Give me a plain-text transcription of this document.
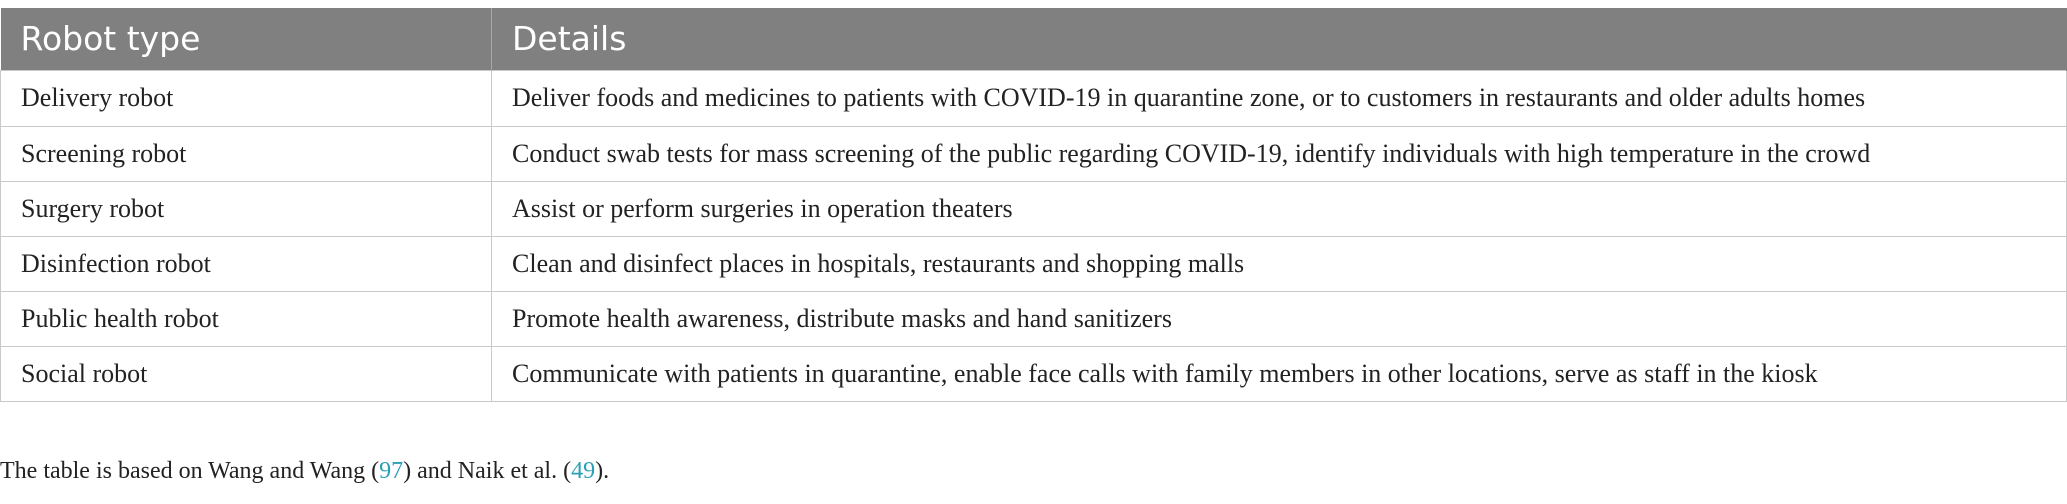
Robot type	Details
Delivery robot	Deliver foods and medicines to patients with COVID-19 in quarantine zone, or to customers in restaurants and older adults homes
Screening robot	Conduct swab tests for mass screening of the public regarding COVID-19, identify individuals with high temperature in the crowd
Surgery robot	Assist or perform surgeries in operation theaters
Disinfection robot	Clean and disinfect places in hospitals, restaurants and shopping malls
Public health robot	Promote health awareness, distribute masks and hand sanitizers
Social robot	Communicate with patients in quarantine, enable face calls with family members in other locations, serve as staff in the kiosk
The table is based on Wang and Wang (97) and Naik et al. (49).
